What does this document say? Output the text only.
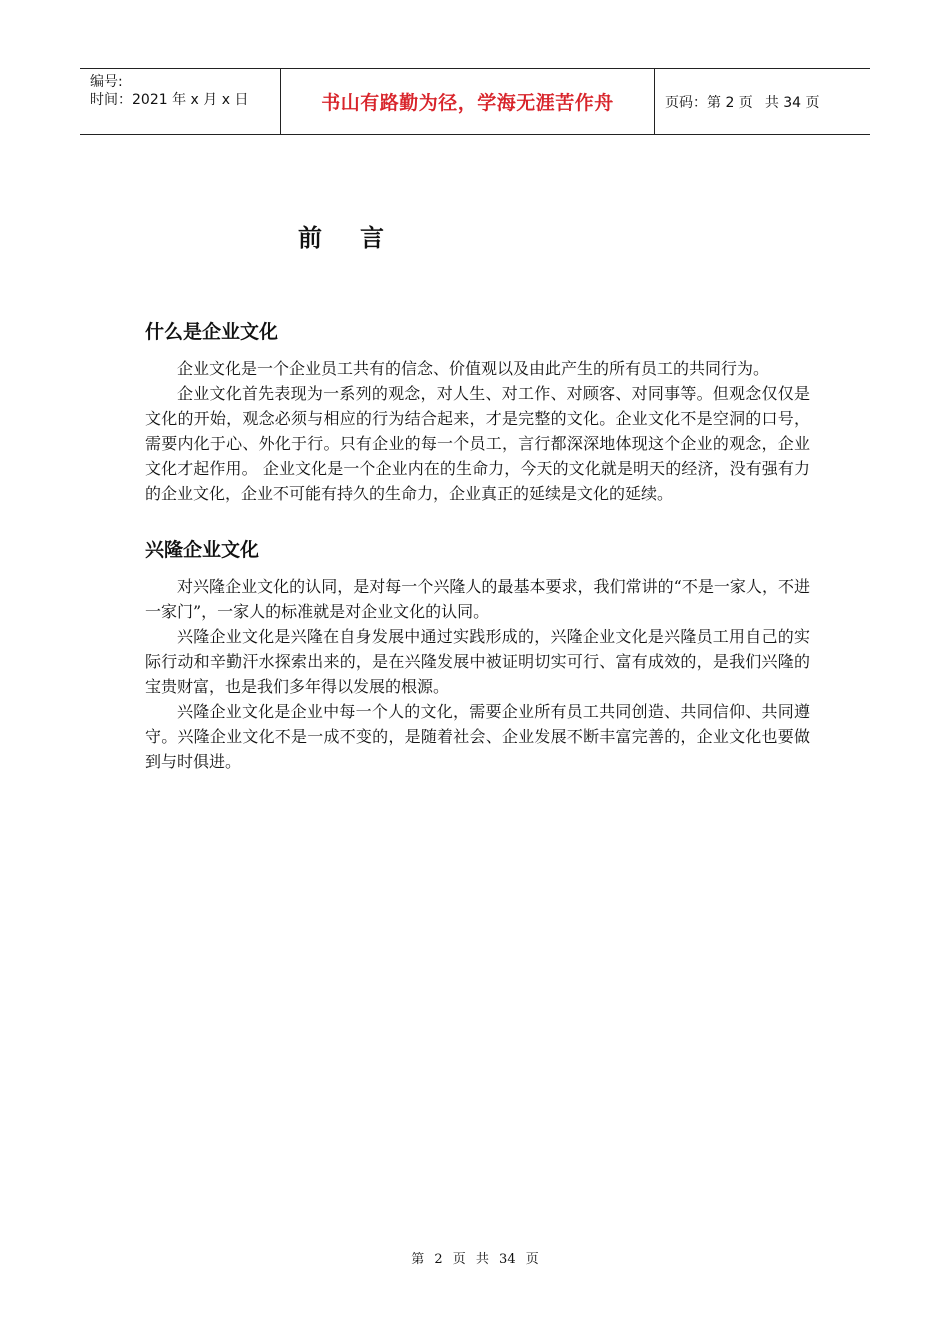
编号:
时间：2021 年 x 月 x 日	书山有路勤为径，学海无涯苦作舟	页码：第 2 页 共 34 页
前言
什么是企业文化

企业文化是一个企业员工共有的信念、价值观以及由此产生的所有员工的共同行为。

企业文化首先表现为一系列的观念，对人生、对工作、对顾客、对同事等。但观念仅仅是文化的开始，观念必须与相应的行为结合起来，才是完整的文化。企业文化不是空洞的口号，需要内化于心、外化于行。只有企业的每一个员工，言行都深深地体现这个企业的观念，企业文化才起作用。 企业文化是一个企业内在的生命力，今天的文化就是明天的经济，没有强有力的企业文化，企业不可能有持久的生命力，企业真正的延续是文化的延续。

兴隆企业文化

对兴隆企业文化的认同，是对每一个兴隆人的最基本要求，我们常讲的“不是一家人，不进一家门”，一家人的标准就是对企业文化的认同。

兴隆企业文化是兴隆在自身发展中通过实践形成的，兴隆企业文化是兴隆员工用自己的实际行动和辛勤汗水探索出来的，是在兴隆发展中被证明切实可行、富有成效的，是我们兴隆的宝贵财富，也是我们多年得以发展的根源。

兴隆企业文化是企业中每一个人的文化，需要企业所有员工共同创造、共同信仰、共同遵守。兴隆企业文化不是一成不变的，是随着社会、企业发展不断丰富完善的，企业文化也要做到与时俱进。

第 2 页 共 34 页
